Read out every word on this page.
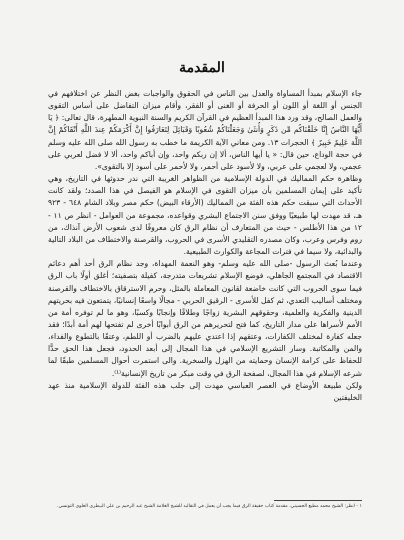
المقدمة

جاء الإسلام بمبدأ المساواة والعدل بين الناس في الحقوق والواجبات بغض النظر عن اختلافهم في الجنس أو اللغة أو اللون أو الحرفة أو الغنى أو الفقر، وأقام ميزان التفاضل على أساس التقوى والعمل الصالح، وقد ورد هذا المبدأ العظيم في القرآن الكريم والسنة النبوية المطهرة، قال تعالى: ﴿ يَا أَيُّهَا النَّاسُ إِنَّا خَلَقْنَاكُم مِّن ذَكَرٍ وَأُنثَىٰ وَجَعَلْنَاكُمْ شُعُوبًا وَقَبَائِلَ لِتَعَارَفُوا إِنَّ أَكْرَمَكُمْ عِندَ اللَّهِ أَتْقَاكُمْ إِنَّ اللَّهَ عَلِيمٌ خَبِيرٌ ﴾ الحجرات ١٣. ومن معاني الآية الكريمة ما خطب به رسول الله صلى الله عليه وسلم في حجة الوداع، حين قال: « يا أيها الناس، ألا إن ربكم واحد، وإن أباكم واحد، ألا لا فضل لعربي على عجمي، ولا لعجمي على عربي، ولا لأسود على أحمر، ولا لأحمر على أسود إلا بالتقوى».

وظاهرة حكم المماليك في الدولة الإسلامية من الظواهر الغريبة التي ندر حدوثها في التاريخ، وهي تأكيد على إيمان المسلمين بأن ميزان التقوى في الإسلام هو الفيصل في هذا الصدد؛ ولقد كانت الأحداث التي سبقت حكم هذه الفئة من المماليك (الأرقاء البيض) حكم مصر وبلاد الشام ٦٤٨ - ٩٢٣ هـ، قد مهدت لها طبيعيًا ووفق سنن الاجتماع البشري وقواعده، مجموعة من العوامل - انظر ص ١١ - ١٢ من هذا الأطلس - حيث من المتعارف أن نظام الرق كان معروفًا لدى شعوب الأرض آنذاك، من روم وفرس وعرب، وكان مصدره التقليدي الأسرى في الحروب، والقرصنة والاختطاف من البلاد التالية والبدائية، ولا سيما في فترات المجاعة والكوارث الطبيعية.

وعندما بُعث الرسول -صلى الله عليه وسلم- وهو النعمة المهداة، وجد نظام الرق أحد أهم دعائم الاقتصاد في المجتمع الجاهلي، فوضع الإسلام تشريعات متدرجة، كفيلة بتصفيته؛ أغلق أولًا باب الرق فيما سوى الحروب التي كانت خاضعة لقانون المعاملة بالمثل، وحرم الاسترقاق بالاختطاف والقرصنة ومختلف أساليب التعدي، ثم كفل للأسرى - الرقيق الحربي - مجالًا واسعًا إنسانيًا، يتمتعون فيه بحريتهم الدينية والفكرية والعلمية، وحقوقهم البشرية زواجًا وطلاقًا وإنجابًا وكسبًا، وهو ما لم توفره أمة من الأمم لأسراها على مدار التاريخ، كما فتح لتحريرهم من الرق أبوابًا أخرى لم تفتحها لهم أمة أبدًا؛ فقد جعله كفارة لمختلف الكفارات، وعتقهم إذا اعتدي عليهم بالضرب أو اللطم، وعتقًا بالتطوع والفداء، والمن والمكاتبة. وسار التشريع الإسلامي في هذا المجال إلى أبعد الحدود، فجعل هذا الحق حدًّا للحفاظ على كرامة الإنسان وحمايته من الهزل والسخرية. والى استمرت أحوال المسلمين طبقًا لما شرعه الإسلام في هذا المجال، لصفحة الرق في وقت مبكر من تاريخ الإنسانية⁽¹⁾.

ولكن طبيعة الأوضاع في العصر العباسي مهدت إلى جلب هذه الفئة للدولة الإسلامية منذ عهد الخليفتين

١ - انظر: الشيخ محمد مطيع الحسيني، مقدمة كتاب حقيقة الرق فيما يجب أن يعمل في التقاليد للشيخ العلامة الشيخ عبد الرحيم بن علي البيطري العلوي التونسي.
